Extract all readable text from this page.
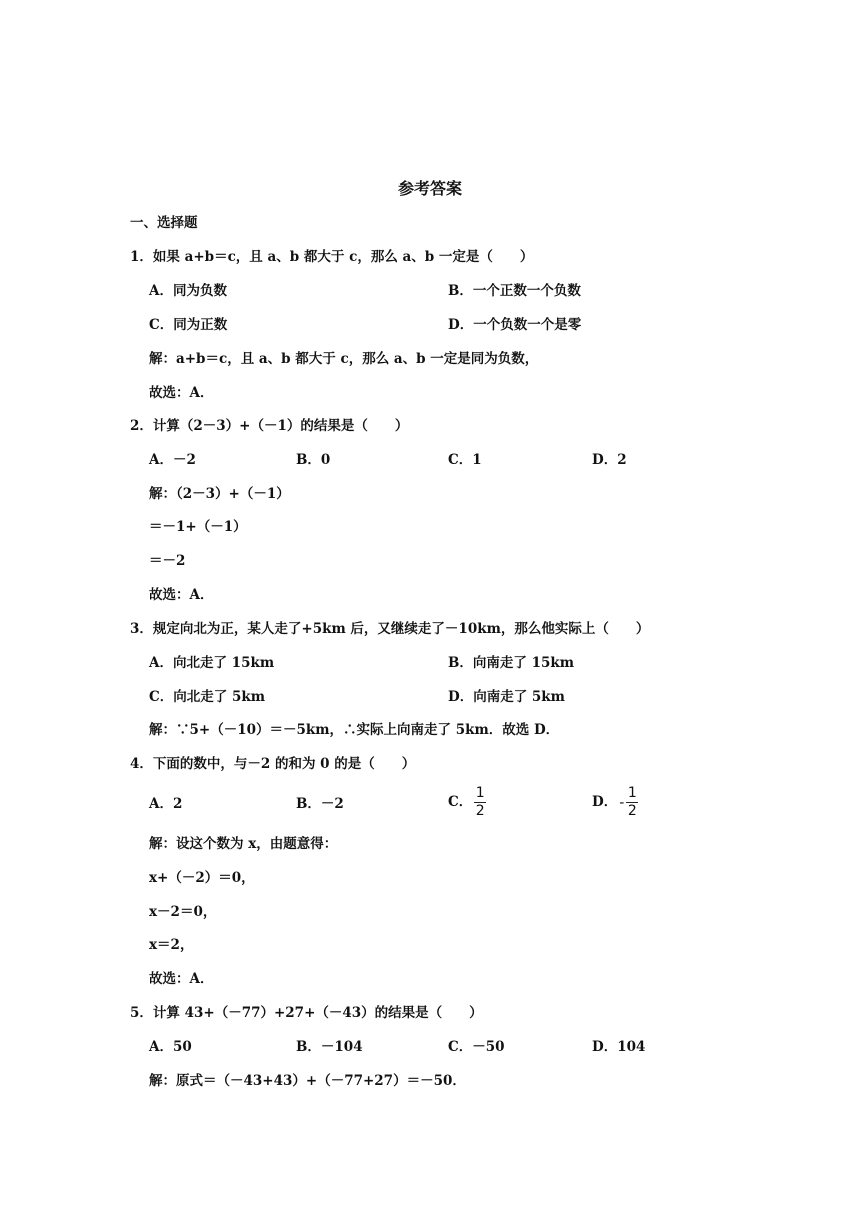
参考答案
一、选择题
1．如果 a+b＝c，且 a、b 都大于 c，那么 a、b 一定是（　　）
A．同为负数	B．一个正数一个负数
C．同为正数	D．一个负数一个是零
解：a+b＝c，且 a、b 都大于 c，那么 a、b 一定是同为负数，
故选：A．
2．计算（2－3）+（－1）的结果是（　　）
A．－2	B．0	C．1	D．2
解：（2－3）+（－1）
＝－1+（－1）
＝－2
故选：A．
3．规定向北为正，某人走了+5km 后，又继续走了－10km，那么他实际上（　　）
A．向北走了 15km	B．向南走了 15km
C．向北走了 5km	D．向南走了 5km
解：∵5+（－10）＝－5km，∴实际上向南走了 5km．故选 D．
4．下面的数中，与－2 的和为 0 的是（　　）
A．2	B．－2	C． $\frac{1}{2}$	D． - $\frac{1}{2}$
解：设这个数为 x，由题意得：
x+（－2）＝0，
x－2＝0，
x＝2，
故选：A．
5．计算 43+（－77）+27+（－43）的结果是（　　）
A．50	B．－104	C．－50	D．104
解：原式＝（－43+43）+（－77+27）＝－50．
